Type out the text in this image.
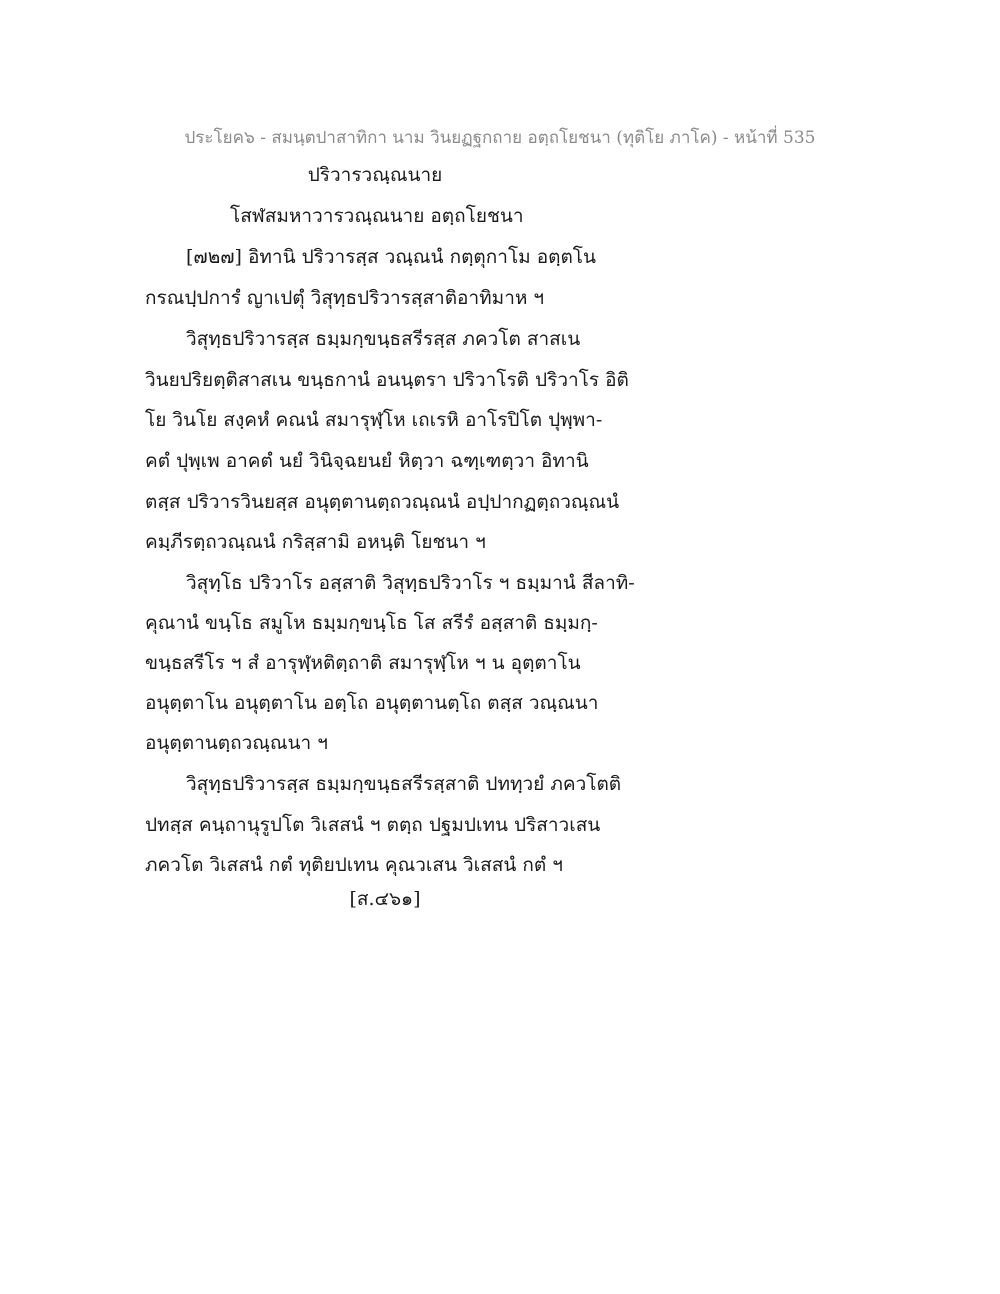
ประโยค๖ - สมนฺตปาสาทิกา นาม วินยฏฐกถาย อตฺถโยชนา (ทุติโย ภาโค) - หน้าที่ 535
ปริวารวณฺณนาย
โสฬสมหาวารวณฺณนาย อตฺถโยชนา
[๗๒๗] อิทานิ ปริวารสฺส วณฺณนํ กตฺตุกาโม อตฺตโน
กรณปฺปการํ ญาเปตุํ วิสุทฺธปริวารสฺสาติอาทิมาห ฯ
วิสุทฺธปริวารสฺส ธมฺมกฺขนฺธสรีรสฺส ภควโต สาสเน
วินยปริยตฺติสาสเน ขนฺธกานํ อนนฺตรา ปริวาโรติ ปริวาโร อิติ
โย วินโย สงฺคหํ คณนํ สมารุฬฺโห เถเรหิ อาโรปิโต ปุพฺพา-
คตํ ปุพฺเพ อาคตํ นยํ วินิจฺฉยนยํ หิตฺวา ฉฑฺเฑตฺวา อิทานิ
ตสฺส ปริวารวินยสฺส อนุตฺตานตฺถวณฺณนํ อปฺปากฏตฺถวณฺณนํ
คมฺภีรตฺถวณฺณนํ กริสฺสามิ อหนฺติ โยชนา ฯ
วิสุทฺโธ ปริวาโร อสฺสาติ วิสุทฺธปริวาโร ฯ ธมฺมานํ สีลาทิ-
คุณานํ ขนฺโธ สมูโห ธมฺมกฺขนฺโธ โส สรีรํ อสฺสาติ ธมฺมกฺ-
ขนฺธสรีโร ฯ สํ อารุฬฺหติตฺถาติ สมารุฬฺโห ฯ น อุตฺตาโน
อนุตฺตาโน อนุตฺตาโน อตฺโถ อนุตฺตานตฺโถ ตสฺส วณฺณนา
อนุตฺตานตฺถวณฺณนา ฯ
วิสุทฺธปริวารสฺส ธมฺมกฺขนฺธสรีรสฺสาติ ปททฺวยํ ภควโตติ
ปทสฺส คนฺถานุรูปโต วิเสสนํ ฯ ตตฺถ ปฐมปเทน ปริสาวเสน
ภควโต วิเสสนํ กตํ ทุติยปเทน คุณวเสน วิเสสนํ กตํ ฯ
[ส.๔๖๑]
